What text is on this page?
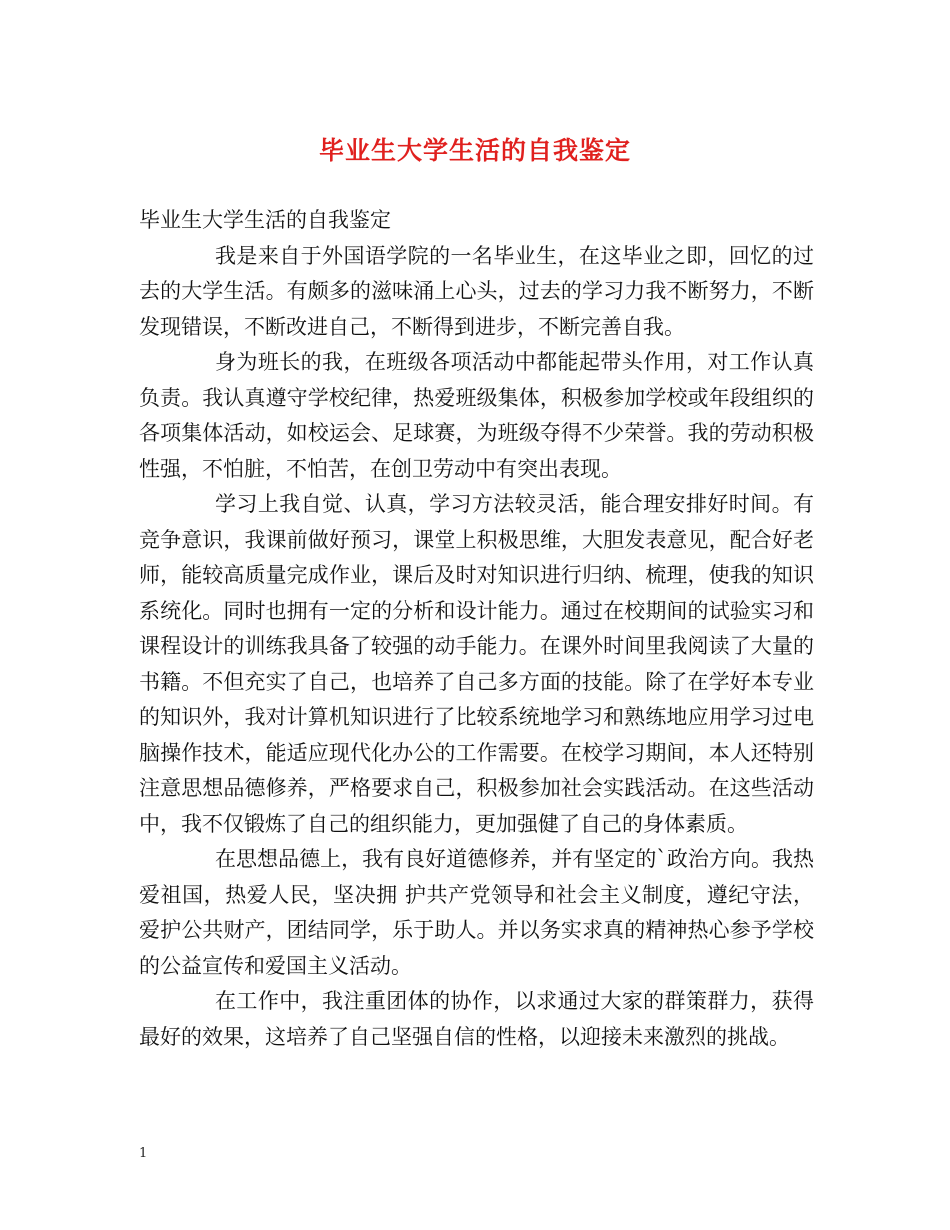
毕业生大学生活的自我鉴定

毕业生大学生活的自我鉴定

我是来自于外国语学院的一名毕业生，在这毕业之即，回忆的过去的大学生活。有颇多的滋味涌上心头，过去的学习力我不断努力，不断发现错误，不断改进自己，不断得到进步，不断完善自我。

身为班长的我，在班级各项活动中都能起带头作用，对工作认真负责。我认真遵守学校纪律，热爱班级集体，积极参加学校或年段组织的各项集体活动，如校运会、足球赛，为班级夺得不少荣誉。我的劳动积极性强，不怕脏，不怕苦，在创卫劳动中有突出表现。

学习上我自觉、认真，学习方法较灵活，能合理安排好时间。有竞争意识，我课前做好预习，课堂上积极思维，大胆发表意见，配合好老师，能较高质量完成作业，课后及时对知识进行归纳、梳理，使我的知识系统化。同时也拥有一定的分析和设计能力。通过在校期间的试验实习和课程设计的训练我具备了较强的动手能力。在课外时间里我阅读了大量的书籍。不但充实了自己，也培养了自己多方面的技能。除了在学好本专业的知识外，我对计算机知识进行了比较系统地学习和熟练地应用学习过电脑操作技术，能适应现代化办公的工作需要。在校学习期间，本人还特别注意思想品德修养，严格要求自己，积极参加社会实践活动。在这些活动中，我不仅锻炼了自己的组织能力，更加强健了自己的身体素质。

在思想品德上，我有良好道德修养，并有坚定的`政治方向。我热爱祖国，热爱人民，坚决拥 护共产党领导和社会主义制度，遵纪守法，爱护公共财产，团结同学，乐于助人。并以务实求真的精神热心参予学校的公益宣传和爱国主义活动。

在工作中，我注重团体的协作，以求通过大家的群策群力，获得最好的效果，这培养了自己坚强自信的性格，以迎接未来激烈的挑战。

1
